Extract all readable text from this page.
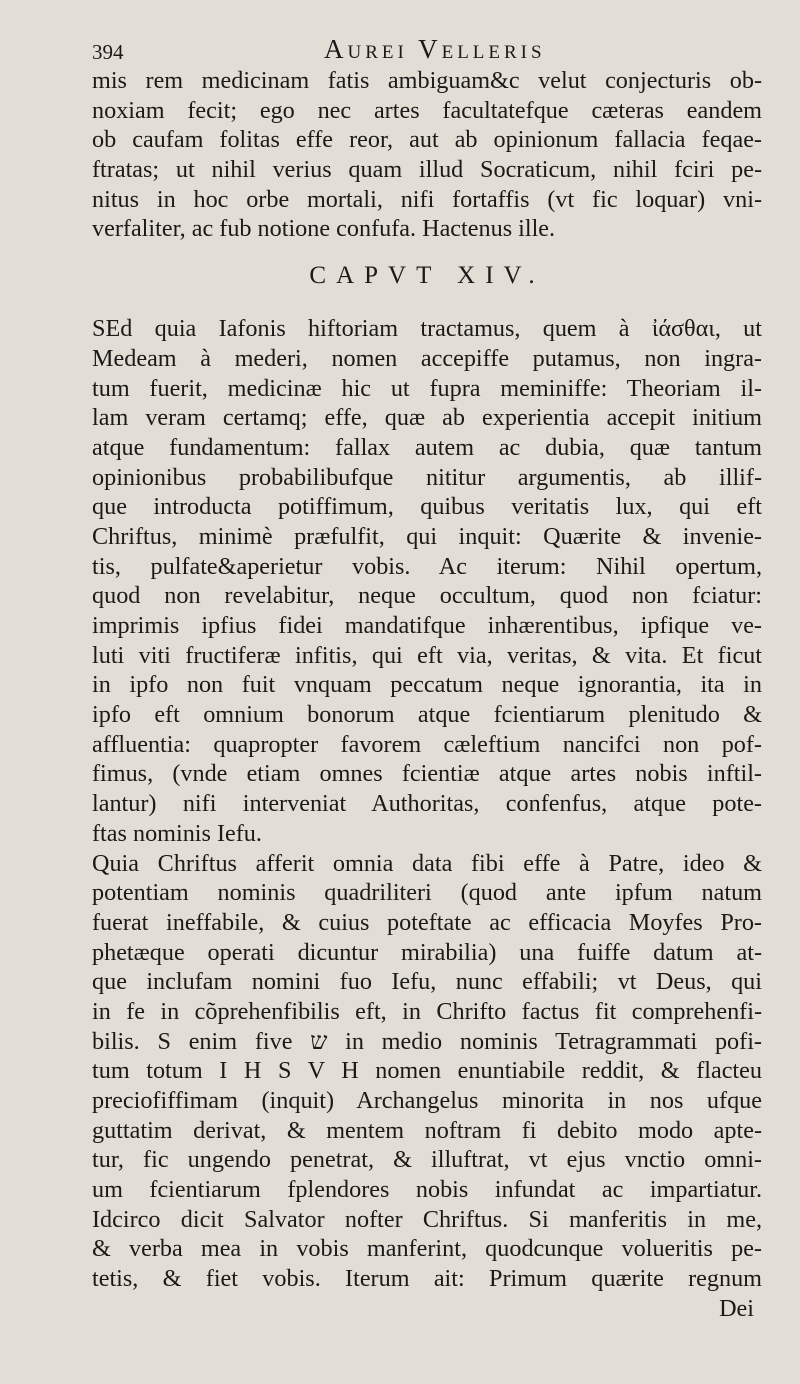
394	Aurei Velleris
mis rem medicinam fatis ambiguam&c velut conjecturis ob-
noxiam fecit; ego nec artes facultatefque cæteras eandem
ob caufam folitas effe reor, aut ab opinionum fallacia feqae-
ftratas; ut nihil verius quam illud Socraticum, nihil fciri pe-
nitus in hoc orbe mortali, nifi fortaffis (vt fic loquar) vni-
verfaliter, ac fub notione confufa. Hactenus ille.
CAPVT XIV.
SEd quia Iafonis hiftoriam tractamus, quem à ἰάσθαι, ut
Medeam à mederi, nomen accepiffe putamus, non ingra-
tum fuerit, medicinæ hic ut fupra meminiffe: Theoriam il-
lam veram certamq; effe, quæ ab experientia accepit initium
atque fundamentum: fallax autem ac dubia, quæ tantum
opinionibus probabilibufque nititur argumentis, ab illif-
que introducta potiffimum, quibus veritatis lux, qui eft
Chriftus, minimè præfulfit, qui inquit: Quærite & invenie-
tis, pulfate&aperietur vobis. Ac iterum: Nihil opertum,
quod non revelabitur, neque occultum, quod non fciatur:
imprimis ipfius fidei mandatifque inhærentibus, ipfique ve-
luti viti fructiferæ infitis, qui eft via, veritas, & vita. Et ficut
in ipfo non fuit vnquam peccatum neque ignorantia, ita in
ipfo eft omnium bonorum atque fcientiarum plenitudo &
affluentia: quapropter favorem cæleftium nancifci non pof-
fimus, (vnde etiam omnes fcientiæ atque artes nobis inftil-
lantur) nifi interveniat Authoritas, confenfus, atque pote-
ftas nominis Iefu.
Quia Chriftus afferit omnia data fibi effe à Patre, ideo &
potentiam nominis quadriliteri (quod ante ipfum natum
fuerat ineffabile, & cuius poteftate ac efficacia Moyfes Pro-
phetæque operati dicuntur mirabilia) una fuiffe datum at-
que inclufam nomini fuo Iefu, nunc effabili; vt Deus, qui
in fe in cõprehenfibilis eft, in Chrifto factus fit comprehenfi-
bilis. S enim five ש in medio nominis Tetragrammati pofi-
tum totum I H S V H nomen enuntiabile reddit, & flacteu
preciofiffimam (inquit) Archangelus minorita in nos ufque
guttatim derivat, & mentem noftram fi debito modo apte-
tur, fic ungendo penetrat, & illuftrat, vt ejus vnctio omni-
um fcientiarum fplendores nobis infundat ac impartiatur.
Idcirco dicit Salvator nofter Chriftus. Si manferitis in me,
& verba mea in vobis manferint, quodcunque volueritis pe-
tetis, & fiet vobis. Iterum ait: Primum quærite regnum
Dei
